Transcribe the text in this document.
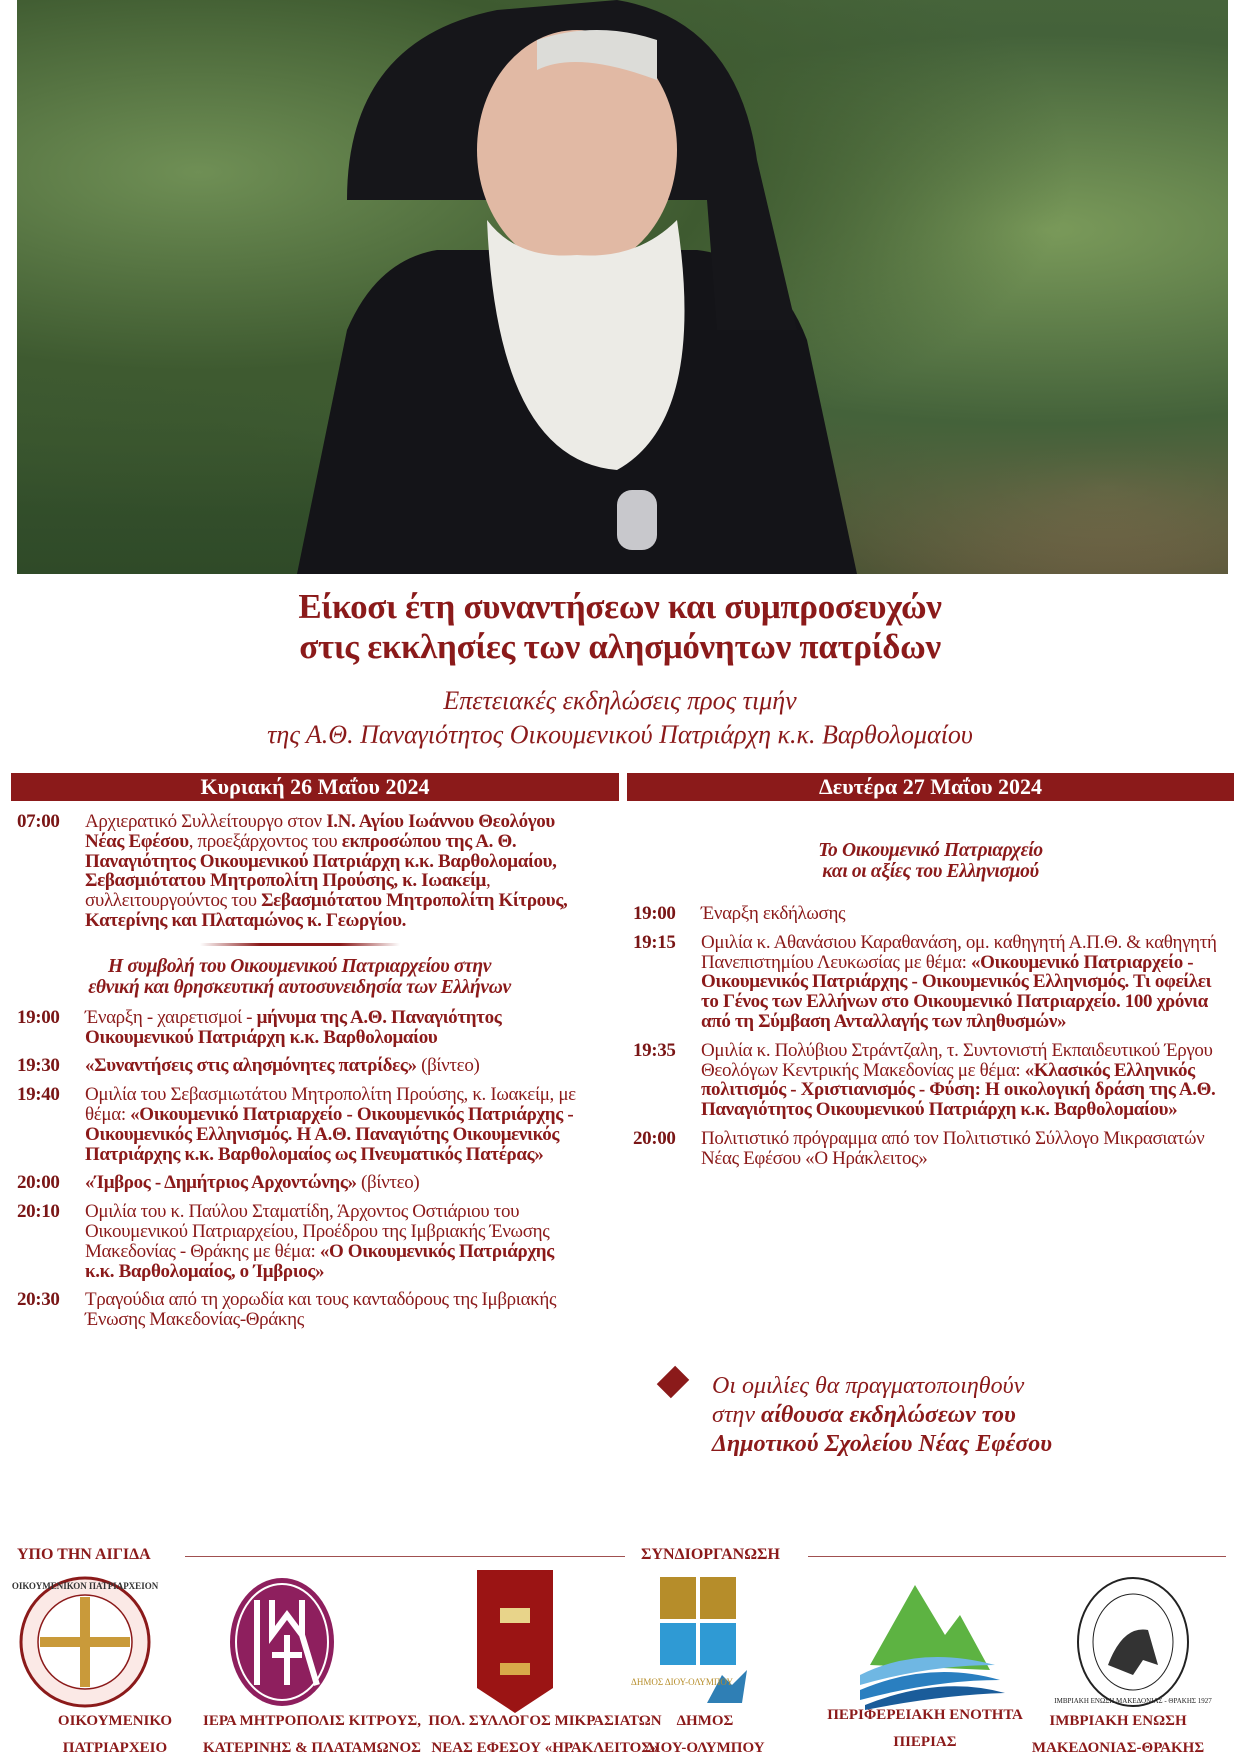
Είκοσι έτη συναντήσεων και συμπροσευχών
στις εκκλησίες των αλησμόνητων πατρίδων
Επετειακές εκδηλώσεις προς τιμήν
της Α.Θ. Παναγιότητος Οικουμενικού Πατριάρχη κ.κ. Βαρθολομαίου
Κυριακή 26 Μαΐου 2024	Δευτέρα 27 Μαΐου 2024
07:00 Αρχιερατικό Συλλείτουργο στον Ι.Ν. Αγίου Ιωάννου Θεολόγου Νέας Εφέσου, προεξάρχοντος του εκπροσώπου της Α. Θ. Παναγιότητος Οικουμενικού Πατριάρχη κ.κ. Βαρθολομαίου, Σεβασμιότατου Μητροπολίτη Προύσης, κ. Ιωακείμ, συλλειτουργούντος του Σεβασμιότατου Μητροπολίτη Κίτρους, Κατερίνης και Πλαταμώνος κ. Γεωργίου.
Η συμβολή του Οικουμενικού Πατριαρχείου στην
εθνική και θρησκευτική αυτοσυνειδησία των Ελλήνων
19:00 Έναρξη - χαιρετισμοί - μήνυμα της Α.Θ. Παναγιότητος Οικουμενικού Πατριάρχη κ.κ. Βαρθολομαίου
19:30 «Συναντήσεις στις αλησμόνητες πατρίδες» (βίντεο)
19:40 Ομιλία του Σεβασμιωτάτου Μητροπολίτη Προύσης, κ. Ιωακείμ, με θέμα: «Οικουμενικό Πατριαρχείο - Οικουμενικός Πατριάρχης - Οικουμενικός Ελληνισμός. Η Α.Θ. Παναγιότης Οικουμενικός Πατριάρχης κ.κ. Βαρθολομαίος ως Πνευματικός Πατέρας»
20:00 «Ίμβρος - Δημήτριος Αρχοντώνης» (βίντεο)
20:10 Ομιλία του κ. Παύλου Σταματίδη, Άρχοντος Οστιάριου του Οικουμενικού Πατριαρχείου, Προέδρου της Ιμβριακής Ένωσης Μακεδονίας - Θράκης με θέμα: «Ο Οικουμενικός Πατριάρχης κ.κ. Βαρθολομαίος, ο Ίμβριος»
20:30 Τραγούδια από τη χορωδία και τους κανταδόρους της Ιμβριακής Ένωσης Μακεδονίας-Θράκης
Το Οικουμενικό Πατριαρχείο
και οι αξίες του Ελληνισμού
19:00 Έναρξη εκδήλωσης
19:15 Ομιλία κ. Αθανάσιου Καραθανάση, ομ. καθηγητή Α.Π.Θ. & καθηγητή Πανεπιστημίου Λευκωσίας με θέμα: «Οικουμενικό Πατριαρχείο - Οικουμενικός Πατριάρχης - Οικουμενικός Ελληνισμός. Τι οφείλει το Γένος των Ελλήνων στο Οικουμενικό Πατριαρχείο. 100 χρόνια από τη Σύμβαση Ανταλλαγής των πληθυσμών»
19:35 Ομιλία κ. Πολύβιου Στράντζαλη, τ. Συντονιστή Εκπαιδευτικού Έργου Θεολόγων Κεντρικής Μακεδονίας με θέμα: «Κλασικός Ελληνικός πολιτισμός - Χριστιανισμός - Φύση: Η οικολογική δράση της Α.Θ. Παναγιότητος Οικουμενικού Πατριάρχη κ.κ. Βαρθολομαίου»
20:00 Πολιτιστικό πρόγραμμα από τον Πολιτιστικό Σύλλογο Μικρασιατών Νέας Εφέσου «Ο Ηράκλειτος»
Οι ομιλίες θα πραγματοποιηθούν
στην αίθουσα εκδηλώσεων του
Δημοτικού Σχολείου Νέας Εφέσου
ΥΠΟ ΤΗΝ ΑΙΓΙΔΑ	ΣΥΝΔΙΟΡΓΑΝΩΣΗ
ΟΙΚΟΥΜΕΝΙΚΟΝ ΠΑΤΡΙΑΡΧΕΙΟΝ
ΔΗΜΟΣ ΔΙΟΥ-ΟΛΥΜΠΟΥ
ΙΜΒΡΙΑΚΗ ΕΝΩΣΗ ΜΑΚΕΔΟΝΙΑΣ - ΘΡΑΚΗΣ 1927
ΟΙΚΟΥΜΕΝΙΚΟ
ΠΑΤΡΙΑΡΧΕΙΟ
ΙΕΡΑ ΜΗΤΡΟΠΟΛΙΣ ΚΙΤΡΟΥΣ,
ΚΑΤΕΡΙΝΗΣ & ΠΛΑΤΑΜΩΝΟΣ
ΠΟΛ. ΣΥΛΛΟΓΟΣ ΜΙΚΡΑΣΙΑΤΩΝ
ΝΕΑΣ ΕΦΕΣΟΥ «ΗΡΑΚΛΕΙΤΟΣ»
ΔΗΜΟΣ
ΔΙΟΥ-ΟΛΥΜΠΟΥ
ΠΕΡΙΦΕΡΕΙΑΚΗ ΕΝΟΤΗΤΑ
ΠΙΕΡΙΑΣ
ΙΜΒΡΙΑΚΗ ΕΝΩΣΗ
ΜΑΚΕΔΟΝΙΑΣ-ΘΡΑΚΗΣ
